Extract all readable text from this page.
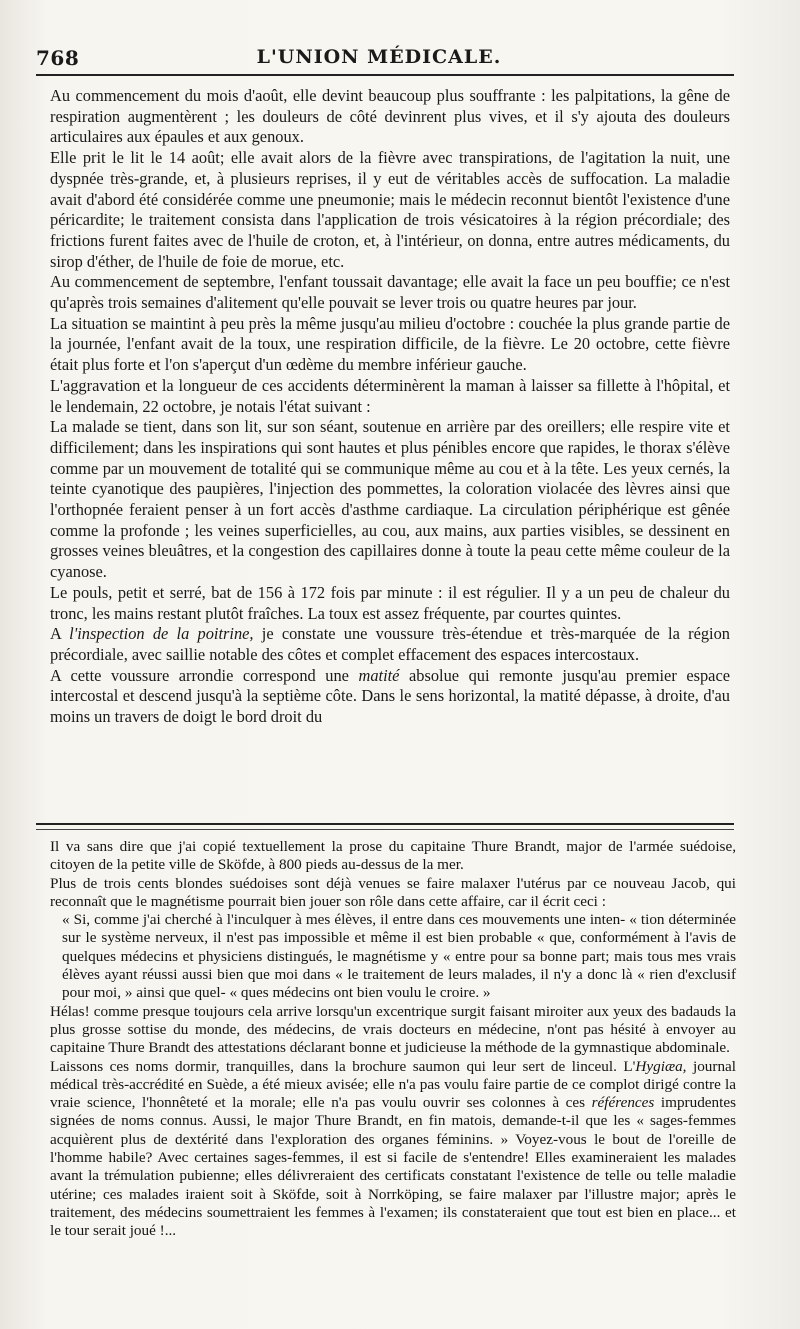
768	L'UNION MÉDICALE.

Au commencement du mois d'août, elle devint beaucoup plus souffrante : les palpitations, la gêne de respiration augmentèrent ; les douleurs de côté devinrent plus vives, et il s'y ajouta des douleurs articulaires aux épaules et aux genoux.

Elle prit le lit le 14 août; elle avait alors de la fièvre avec transpirations, de l'agitation la nuit, une dyspnée très-grande, et, à plusieurs reprises, il y eut de véritables accès de suffocation. La maladie avait d'abord été considérée comme une pneumonie; mais le médecin reconnut bientôt l'existence d'une péricardite; le traitement consista dans l'application de trois vésicatoires à la région précordiale; des frictions furent faites avec de l'huile de croton, et, à l'intérieur, on donna, entre autres médicaments, du sirop d'éther, de l'huile de foie de morue, etc.

Au commencement de septembre, l'enfant toussait davantage; elle avait la face un peu bouffie; ce n'est qu'après trois semaines d'alitement qu'elle pouvait se lever trois ou quatre heures par jour.

La situation se maintint à peu près la même jusqu'au milieu d'octobre : couchée la plus grande partie de la journée, l'enfant avait de la toux, une respiration difficile, de la fièvre. Le 20 octobre, cette fièvre était plus forte et l'on s'aperçut d'un œdème du membre inférieur gauche.

L'aggravation et la longueur de ces accidents déterminèrent la maman à laisser sa fillette à l'hôpital, et le lendemain, 22 octobre, je notais l'état suivant :

La malade se tient, dans son lit, sur son séant, soutenue en arrière par des oreillers; elle respire vite et difficilement; dans les inspirations qui sont hautes et plus pénibles encore que rapides, le thorax s'élève comme par un mouvement de totalité qui se communique même au cou et à la tête. Les yeux cernés, la teinte cyanotique des paupières, l'injection des pommettes, la coloration violacée des lèvres ainsi que l'orthopnée feraient penser à un fort accès d'asthme cardiaque. La circulation périphérique est gênée comme la profonde ; les veines superficielles, au cou, aux mains, aux parties visibles, se dessinent en grosses veines bleuâtres, et la congestion des capillaires donne à toute la peau cette même couleur de la cyanose.

Le pouls, petit et serré, bat de 156 à 172 fois par minute : il est régulier. Il y a un peu de chaleur du tronc, les mains restant plutôt fraîches. La toux est assez fréquente, par courtes quintes.

A l'inspection de la poitrine, je constate une voussure très-étendue et très-marquée de la région précordiale, avec saillie notable des côtes et complet effacement des espaces intercostaux.

A cette voussure arrondie correspond une matité absolue qui remonte jusqu'au premier espace intercostal et descend jusqu'à la septième côte. Dans le sens horizontal, la matité dépasse, à droite, d'au moins un travers de doigt le bord droit du

Il va sans dire que j'ai copié textuellement la prose du capitaine Thure Brandt, major de l'armée suédoise, citoyen de la petite ville de Sköfde, à 800 pieds au-dessus de la mer.

Plus de trois cents blondes suédoises sont déjà venues se faire malaxer l'utérus par ce nouveau Jacob, qui reconnaît que le magnétisme pourrait bien jouer son rôle dans cette affaire, car il écrit ceci :

« Si, comme j'ai cherché à l'inculquer à mes élèves, il entre dans ces mouvements une inten- « tion déterminée sur le système nerveux, il n'est pas impossible et même il est bien probable « que, conformément à l'avis de quelques médecins et physiciens distingués, le magnétisme y « entre pour sa bonne part; mais tous mes vrais élèves ayant réussi aussi bien que moi dans « le traitement de leurs malades, il n'y a donc là « rien d'exclusif pour moi, » ainsi que quel- « ques médecins ont bien voulu le croire. »

Hélas! comme presque toujours cela arrive lorsqu'un excentrique surgit faisant miroiter aux yeux des badauds la plus grosse sottise du monde, des médecins, de vrais docteurs en médecine, n'ont pas hésité à envoyer au capitaine Thure Brandt des attestations déclarant bonne et judicieuse la méthode de la gymnastique abdominale.

Laissons ces noms dormir, tranquilles, dans la brochure saumon qui leur sert de linceul. L'Hygiæa, journal médical très-accrédité en Suède, a été mieux avisée; elle n'a pas voulu faire partie de ce complot dirigé contre la vraie science, l'honnêteté et la morale; elle n'a pas voulu ouvrir ses colonnes à ces références imprudentes signées de noms connus. Aussi, le major Thure Brandt, en fin matois, demande-t-il que les « sages-femmes acquièrent plus de dextérité dans l'exploration des organes féminins. » Voyez-vous le bout de l'oreille de l'homme habile? Avec certaines sages-femmes, il est si facile de s'entendre! Elles examineraient les malades avant la trémulation pubienne; elles délivreraient des certificats constatant l'existence de telle ou telle maladie utérine; ces malades iraient soit à Sköfde, soit à Norrköping, se faire malaxer par l'illustre major; après le traitement, des médecins soumettraient les femmes à l'examen; ils constateraient que tout est bien en place... et le tour serait joué !...
